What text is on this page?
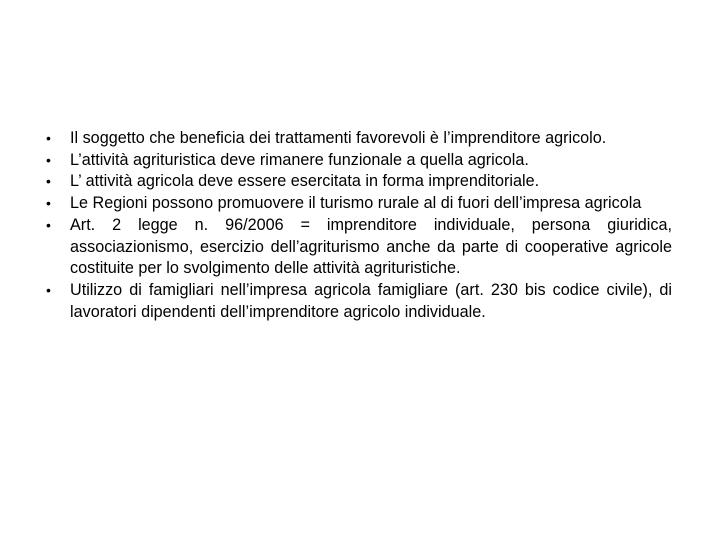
•	Il soggetto che beneficia dei trattamenti favorevoli è l’imprenditore agricolo.
•	L’attività agrituristica deve rimanere funzionale a quella agricola.
•	L’ attività agricola deve essere esercitata in forma imprenditoriale.
•	Le Regioni possono promuovere il turismo rurale al di fuori dell’impresa agricola
•	Art. 2 legge n. 96/2006 = imprenditore individuale, persona giuridica, associazionismo, esercizio dell’agriturismo anche da parte di cooperative agricole costituite per lo svolgimento delle attività agrituristiche.
•	Utilizzo di famigliari nell’impresa agricola famigliare (art. 230 bis codice civile), di lavoratori dipendenti dell’imprenditore agricolo individuale.
